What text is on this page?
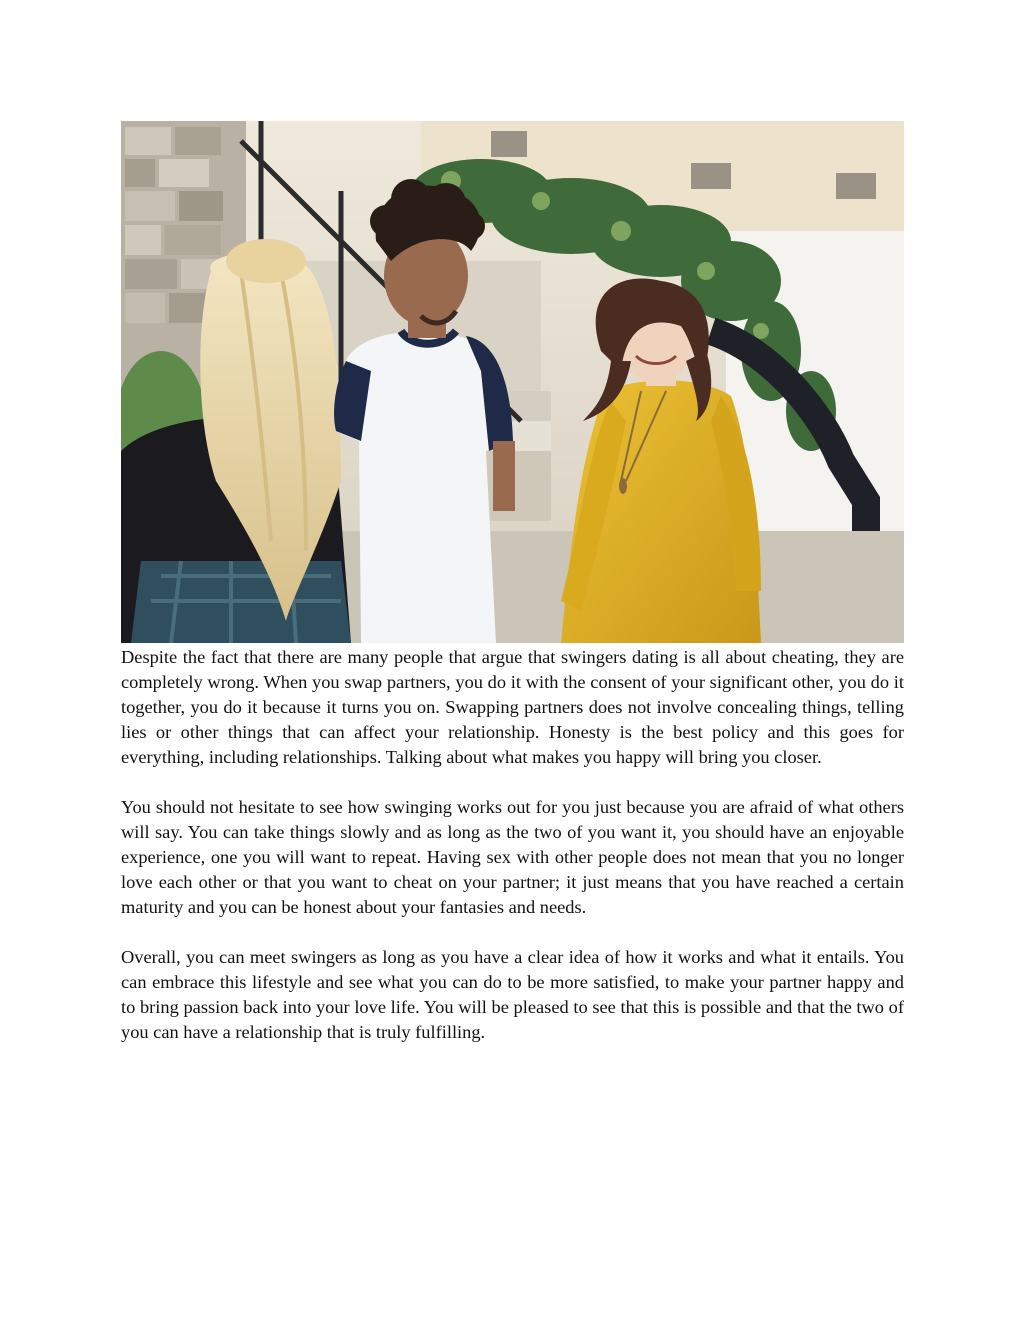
Despite the fact that there are many people that argue that swingers dating is all about cheating, they are completely wrong. When you swap partners, you do it with the consent of your significant other, you do it together, you do it because it turns you on. Swapping partners does not involve concealing things, telling lies or other things that can affect your relationship. Honesty is the best policy and this goes for everything, including relationships. Talking about what makes you happy will bring you closer.

You should not hesitate to see how swinging works out for you just because you are afraid of what others will say. You can take things slowly and as long as the two of you want it, you should have an enjoyable experience, one you will want to repeat. Having sex with other people does not mean that you no longer love each other or that you want to cheat on your partner; it just means that you have reached a certain maturity and you can be honest about your fantasies and needs.

Overall, you can meet swingers as long as you have a clear idea of how it works and what it entails. You can embrace this lifestyle and see what you can do to be more satisfied, to make your partner happy and to bring passion back into your love life. You will be pleased to see that this is possible and that the two of you can have a relationship that is truly fulfilling.
